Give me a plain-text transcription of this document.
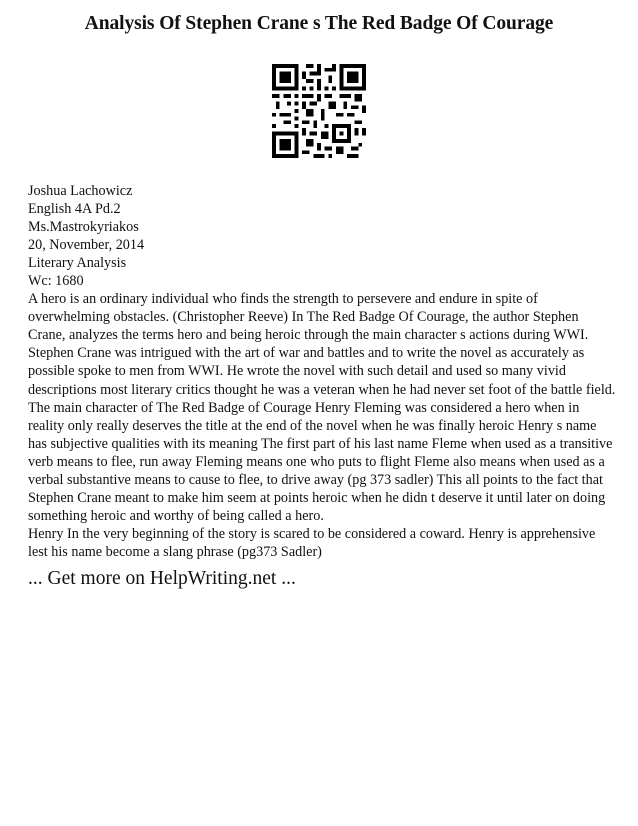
Analysis Of Stephen Crane s The Red Badge Of Courage
Joshua Lachowicz
English 4A Pd.2
Ms.Mastrokyriakos
20, November, 2014
Literary Analysis
Wc: 1680
A hero is an ordinary individual who finds the strength to persevere and endure in spite of overwhelming obstacles. (Christopher Reeve) In The Red Badge Of Courage, the author Stephen Crane, analyzes the terms hero and being heroic through the main character s actions during WWI. Stephen Crane was intrigued with the art of war and battles and to write the novel as accurately as possible spoke to men from WWI. He wrote the novel with such detail and used so many vivid descriptions most literary critics thought he was a veteran when he had never set foot of the battle field.
The main character of The Red Badge of Courage Henry Fleming was considered a hero when in reality only really deserves the title at the end of the novel when he was finally heroic Henry s name has subjective qualities with its meaning The first part of his last name Fleme when used as a transitive verb means to flee, run away Fleming means one who puts to flight Fleme also means when used as a verbal substantive means to cause to flee, to drive away (pg 373 sadler) This all points to the fact that Stephen Crane meant to make him seem at points heroic when he didn t deserve it until later on doing something heroic and worthy of being called a hero.
Henry In the very beginning of the story is scared to be considered a coward. Henry is apprehensive lest his name become a slang phrase (pg373 Sadler)
... Get more on HelpWriting.net ...
